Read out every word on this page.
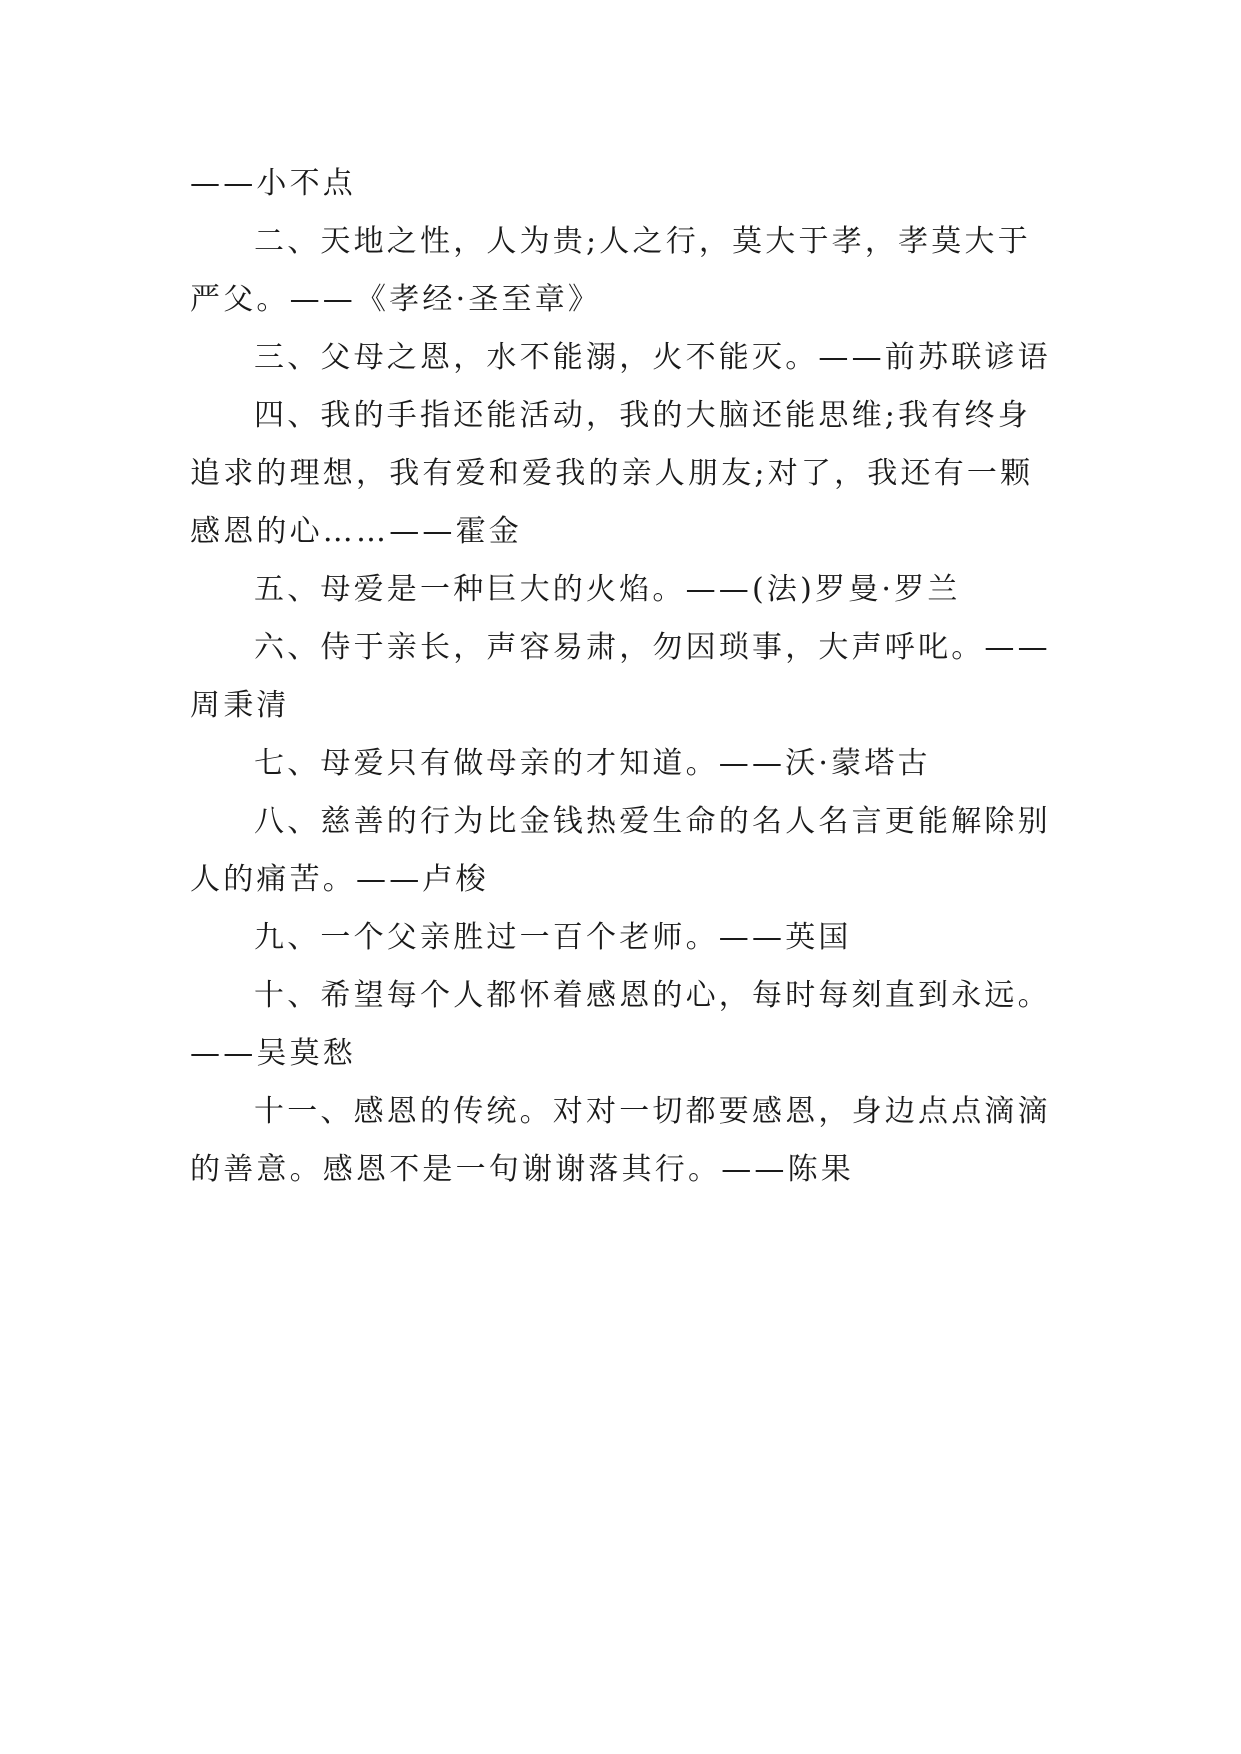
——小不点
二、天地之性，人为贵;人之行，莫大于孝，孝莫大于
严父。——《孝经·圣至章》
三、父母之恩，水不能溺，火不能灭。——前苏联谚语
四、我的手指还能活动，我的大脑还能思维;我有终身
追求的理想，我有爱和爱我的亲人朋友;对了，我还有一颗
感恩的心……——霍金
五、母爱是一种巨大的火焰。——(法)罗曼·罗兰
六、侍于亲长，声容易肃，勿因琐事，大声呼叱。——
周秉清
七、母爱只有做母亲的才知道。——沃·蒙塔古
八、慈善的行为比金钱热爱生命的名人名言更能解除别
人的痛苦。——卢梭
九、一个父亲胜过一百个老师。——英国
十、希望每个人都怀着感恩的心，每时每刻直到永远。
——吴莫愁
十一、感恩的传统。对对一切都要感恩，身边点点滴滴
的善意。感恩不是一句谢谢落其行。——陈果
